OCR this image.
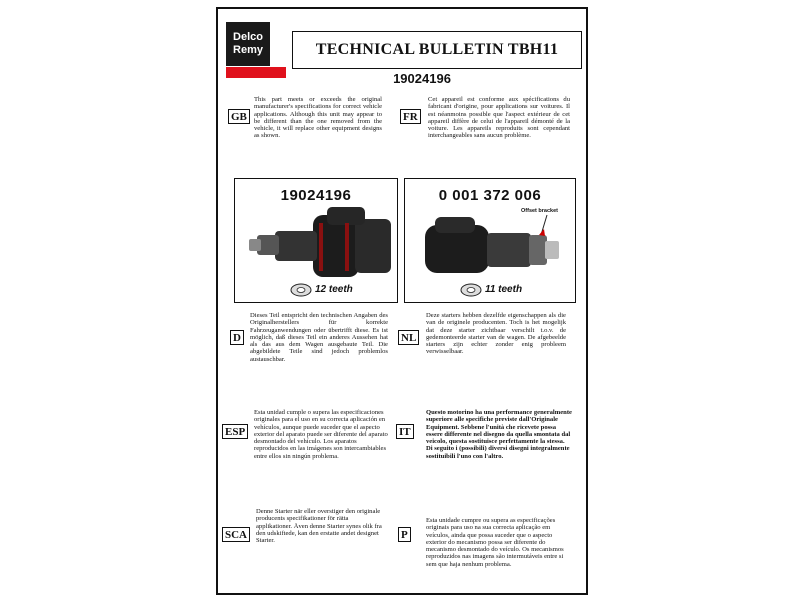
Delco
Remy	TECHNICAL BULLETIN TBH11
19024196
GB
This part meets or exceeds the original manufacturer's specifications for correct vehicle applications. Although this unit may appear to be different than the one removed from the vehicle, it will replace other equipment designs as shown.
FR
Cet appareil est conforme aux spécifications du fabricant d'origine, pour applications sur voitures. Il est néanmoins possible que l'aspect extérieur de cet appareil diffère de celui de l'appareil démonté de la voiture. Les appareils reproduits sont cependant interchangeables sans aucun problème.
19024196
12 teeth
0 001 372 006
Offset bracket
11 teeth
D
Dieses Teil entspricht den technischen Angaben des Originalherstellers für korrekte Fahrzeuganwendungen oder übertrifft diese. Es ist möglich, daß dieses Teil ein anderes Aussehen hat als das aus dem Wagen ausgebaute Teil. Die abgebildete Teile sind jedoch problemlos austauschbar.
NL
Deze starters hebben dezelfde eigenschappen als die van de originele producenten. Toch is het mogelijk dat deze starter zichtbaar verschilt t.o.v. de gedemonteerde starter van de wagen. De afgebeelde starters zijn echter zonder enig probleem verwisselbaar.
ESP
Esta unidad cumple o supera las especificaciones originales para el uso en su correcta aplicación en vehículos, aunque puede suceder que el aspecto exterior del aparato puede ser diferente del aparato desmontado del vehículo. Los aparatos reproducidos en las imágenes son intercambiables entre ellos sin ningún problema.
IT
Questo motorino ha una performance generalmente superiore alle specifiche previste dall'Originale Equipment. Sebbene l'unità che ricevete possa essere differente nel disegno da quella smontata dal veicolo, questa sostituisce perfettamente la stessa. Di seguito i (possibili) diversi disegni integralmente sostituibili l'uno con l'altro.
SCA
Denne Starter när eller overstiger den originale producents specifikationer för rätta applikationer. Även denne Starter synes olik fra den udskiftede, kan den erstatte andet designet Starter.	P
Esta unidade cumpre ou supera as especificações originais para uso na sua correcta aplicação em veículos, ainda que possa suceder que o aspecto exterior do mecanismo possa ser diferente do mecanismo desmontado do veículo. Os mecanismos reproduzidos nas imagens são intermutáveis entre si sem que haja nenhum problema.
